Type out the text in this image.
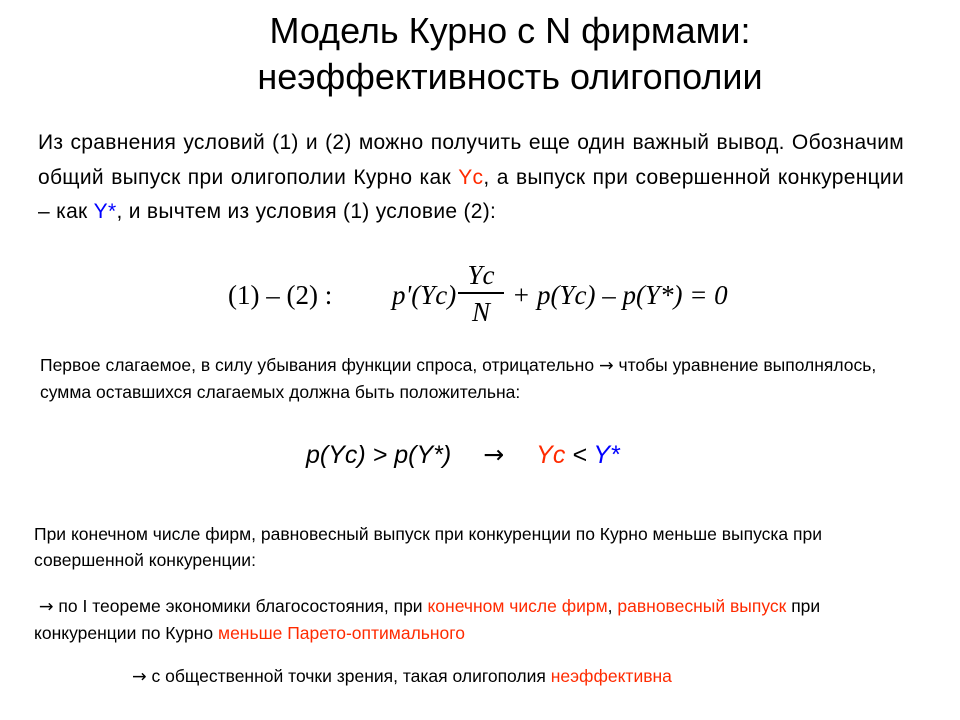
Модель Курно с N фирмами:
неэффективность олигополии
Из сравнения условий (1) и (2) можно получить еще один важный вывод. Обозначим общий выпуск при олигополии Курно как Yc, а выпуск при совершенной конкуренции – как Y*, и вычтем из условия (1) условие (2):
(1) – (2) : p'(Yc)
Yc
N
+ p(Yc) – p(Y*) = 0
Первое слагаемое, в силу убывания функции спроса, отрицательно → чтобы уравнение выполнялось, сумма оставшихся слагаемых должна быть положительна:
p(Yc) > p(Y*) → Yc < Y*
При конечном числе фирм, равновесный выпуск при конкуренции по Курно меньше выпуска при совершенной конкуренции:
→ по I теореме экономики благосостояния, при конечном числе фирм, равновесный выпуск при конкуренции по Курно меньше Парето-оптимального
→ с общественной точки зрения, такая олигополия неэффективна
